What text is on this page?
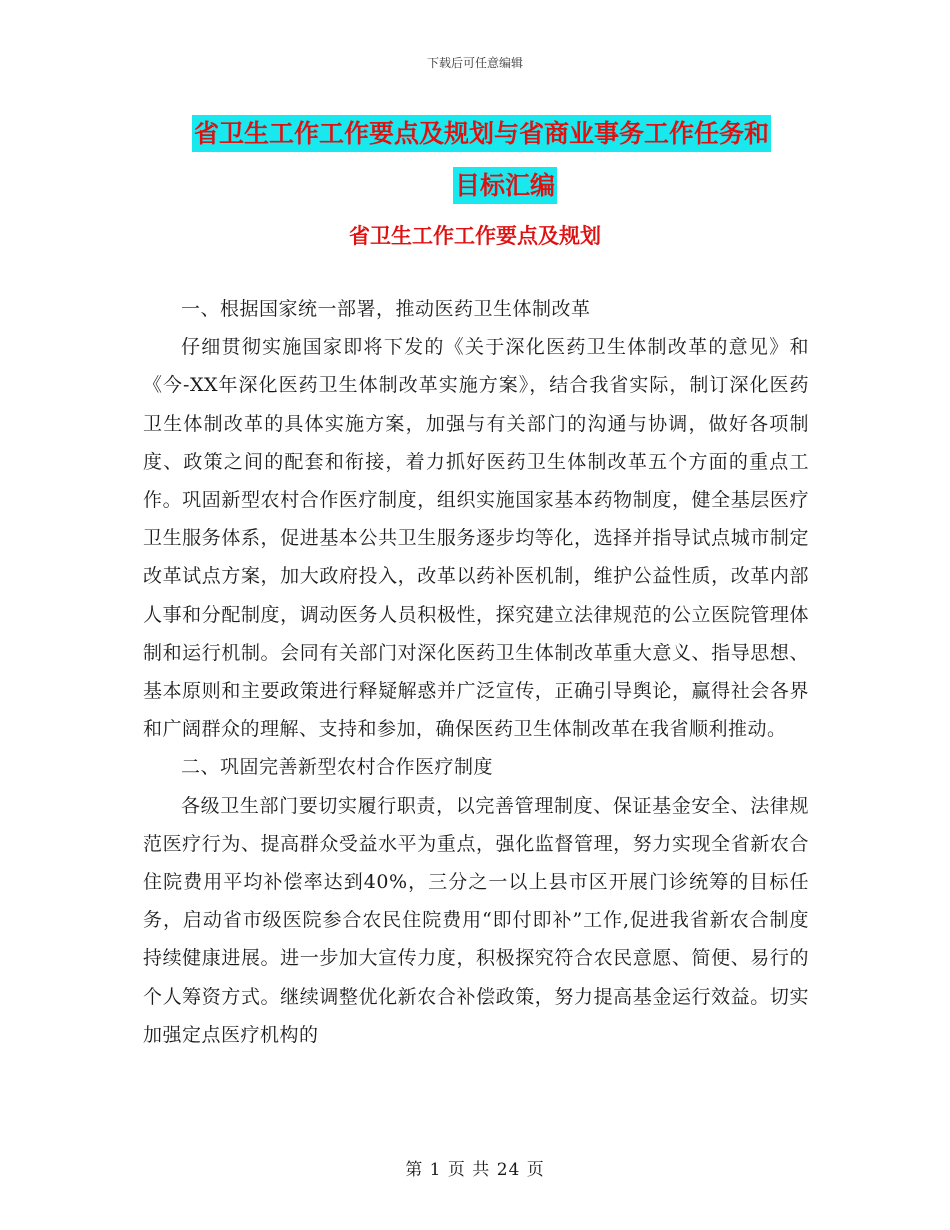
下载后可任意编辑
省卫生工作工作要点及规划与省商业事务工作任务和
目标汇编
省卫生工作工作要点及规划

一、根据国家统一部署，推动医药卫生体制改革

仔细贯彻实施国家即将下发的《关于深化医药卫生体制改革的意见》和《今-XX年深化医药卫生体制改革实施方案》，结合我省实际，制订深化医药卫生体制改革的具体实施方案，加强与有关部门的沟通与协调，做好各项制度、政策之间的配套和衔接，着力抓好医药卫生体制改革五个方面的重点工作。巩固新型农村合作医疗制度，组织实施国家基本药物制度，健全基层医疗卫生服务体系，促进基本公共卫生服务逐步均等化，选择并指导试点城市制定改革试点方案，加大政府投入，改革以药补医机制，维护公益性质，改革内部人事和分配制度，调动医务人员积极性，探究建立法律规范的公立医院管理体制和运行机制。会同有关部门对深化医药卫生体制改革重大意义、指导思想、基本原则和主要政策进行释疑解惑并广泛宣传，正确引导舆论，赢得社会各界和广阔群众的理解、支持和参加，确保医药卫生体制改革在我省顺利推动。

二、巩固完善新型农村合作医疗制度

各级卫生部门要切实履行职责，以完善管理制度、保证基金安全、法律规范医疗行为、提高群众受益水平为重点，强化监督管理，努力实现全省新农合住院费用平均补偿率达到40%，三分之一以上县市区开展门诊统筹的目标任务，启动省市级医院参合农民住院费用“即付即补”工作,促进我省新农合制度持续健康进展。进一步加大宣传力度，积极探究符合农民意愿、简便、易行的个人筹资方式。继续调整优化新农合补偿政策，努力提高基金运行效益。切实加强定点医疗机构的

第 1 页 共 24 页
